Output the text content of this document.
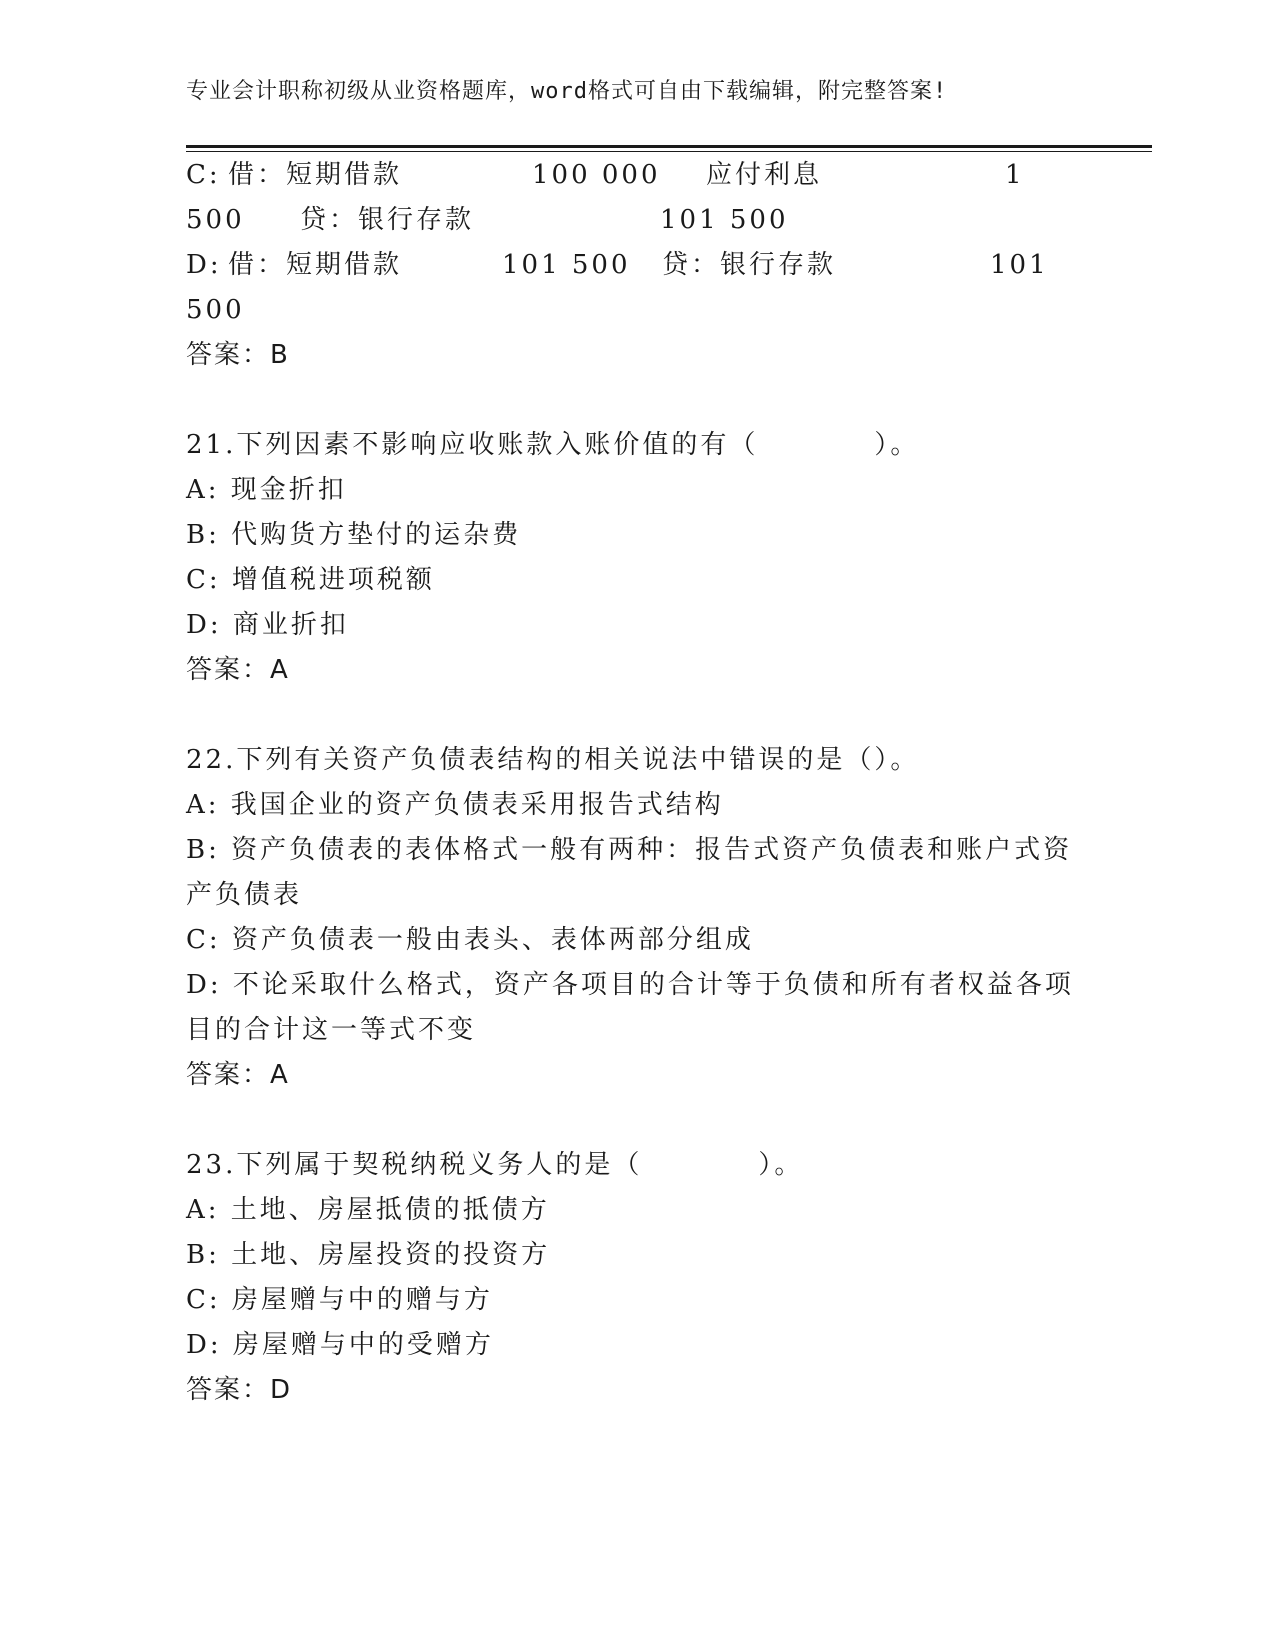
专业会计职称初级从业资格题库，word格式可自由下载编辑，附完整答案!
C: 借：短期借款	100 000 应付利息	1
500 贷：银行存款	101 500
D: 借：短期借款	101 500 贷：银行存款	101
500
答案：B
21.下列因素不影响应收账款入账价值的有（　　　　）。
A: 现金折扣
B: 代购货方垫付的运杂费
C: 增值税进项税额
D: 商业折扣
答案：A
22.下列有关资产负债表结构的相关说法中错误的是（）。
A: 我国企业的资产负债表采用报告式结构
B: 资产负债表的表体格式一般有两种：报告式资产负债表和账户式资
产负债表
C: 资产负债表一般由表头、表体两部分组成
D: 不论采取什么格式，资产各项目的合计等于负债和所有者权益各项
目的合计这一等式不变
答案：A
23.下列属于契税纳税义务人的是（　　　　）。
A: 土地、房屋抵债的抵债方
B: 土地、房屋投资的投资方
C: 房屋赠与中的赠与方
D: 房屋赠与中的受赠方
答案：D
